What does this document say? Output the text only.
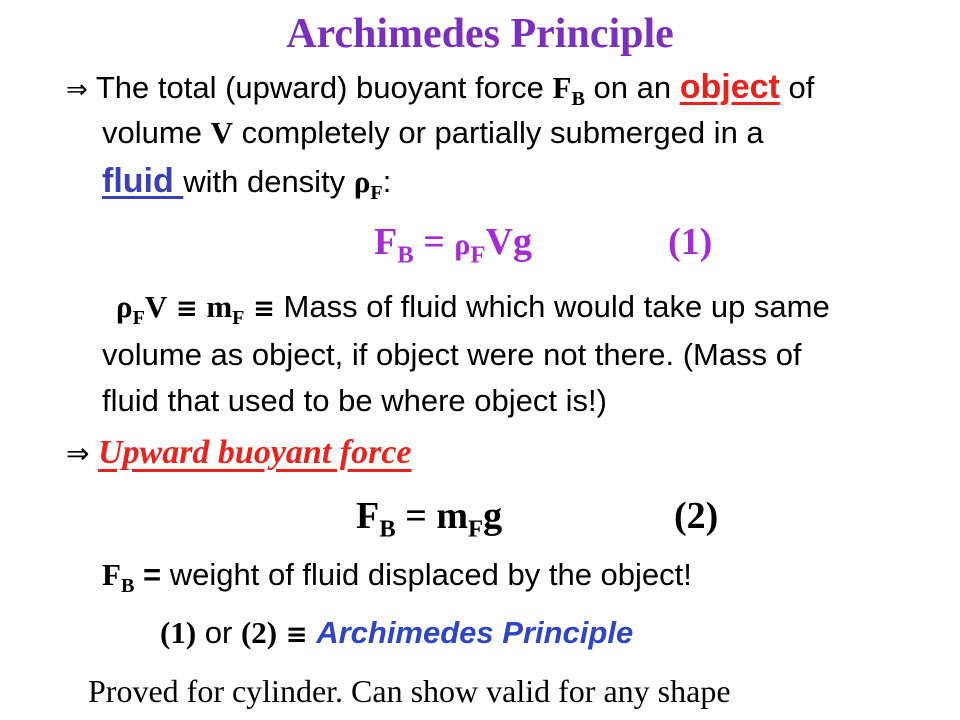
Archimedes Principle
⇒ The total (upward) buoyant force $F_B$ on an object of
volume V completely or partially submerged in a
fluid with density $\rho_F$:
$F_B = \rho_FVg$	(1)
$\rho_FV \equiv m_F$ ≡ Mass of fluid which would take up same
volume as object, if object were not there. (Mass of
fluid that used to be where object is!)
⇒ Upward buoyant force
$F_B = m_Fg$	(2)
$F_B$ = weight of fluid displaced by the object!
(1) or (2) ≡ Archimedes Principle
Proved for cylinder. Can show valid for any shape
